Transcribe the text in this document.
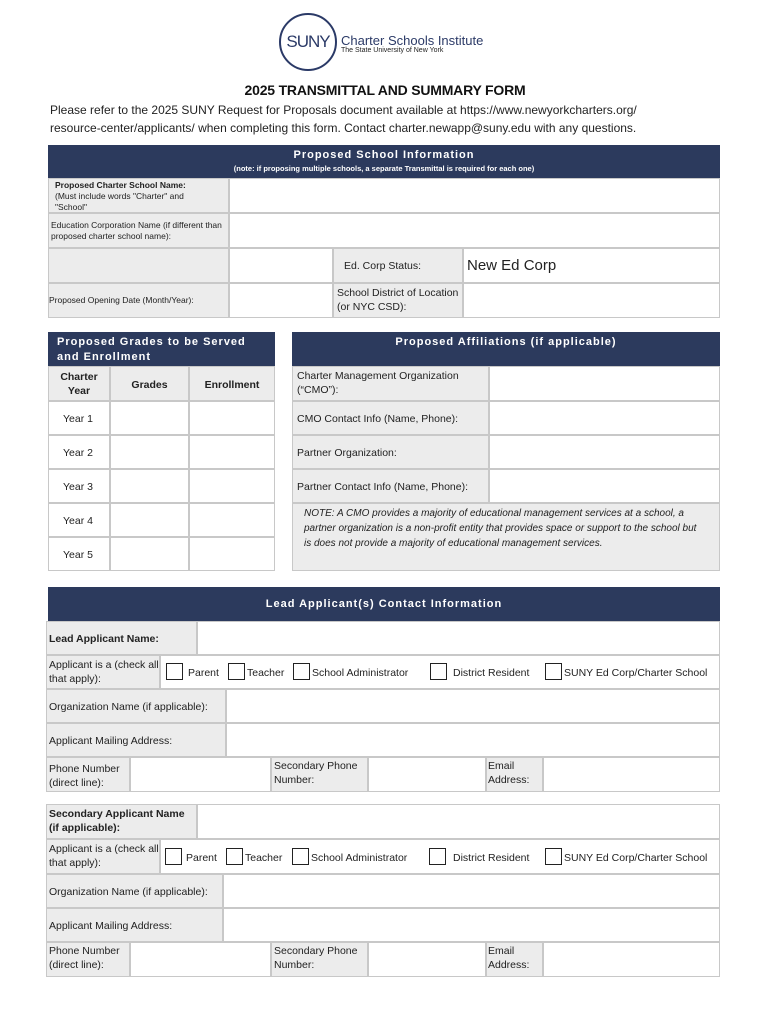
SUNY Charter Schools Institute
The State University of New York
2025 TRANSMITTAL AND SUMMARY FORM
Please refer to the 2025 SUNY Request for Proposals document available at https://www.newyorkcharters.org/
resource-center/applicants/ when completing this form. Contact charter.newapp@suny.edu with any questions.
Proposed School Information
(note: if proposing multiple schools, a separate Transmittal is required for each one)
Proposed Charter School Name:
(Must include words "Charter" and "School"
Education Corporation Name (if different than proposed charter school name):
Ed. Corp Status:	New Ed Corp
Proposed Opening Date (Month/Year):
School District of Location (or NYC CSD):
Proposed Grades to be Served and Enrollment
Charter Year	Grades	Enrollment
Year 1
Year 2
Year 3
Year 4
Year 5
Proposed Affiliations (if applicable)
Charter Management Organization (“CMO”):
CMO Contact Info (Name, Phone):
Partner Organization:
Partner Contact Info (Name, Phone):
NOTE: A CMO provides a majority of educational management services at a school, a partner organization is a non-profit entity that provides space or support to the school but is does not provide a majority of educational management services.
Lead Applicant(s) Contact Information
Lead Applicant Name:
Applicant is a (check all that apply):	Parent	Teacher	School Administrator	District Resident	SUNY Ed Corp/Charter School
Organization Name (if applicable):
Applicant Mailing Address:
Phone Number (direct line):
Secondary Phone Number:
Email Address:
Secondary Applicant Name (if applicable):
Applicant is a (check all that apply):	Parent	Teacher	School Administrator	District Resident	SUNY Ed Corp/Charter School
Organization Name (if applicable):
Applicant Mailing Address:
Phone Number (direct line):
Secondary Phone Number:
Email Address:
